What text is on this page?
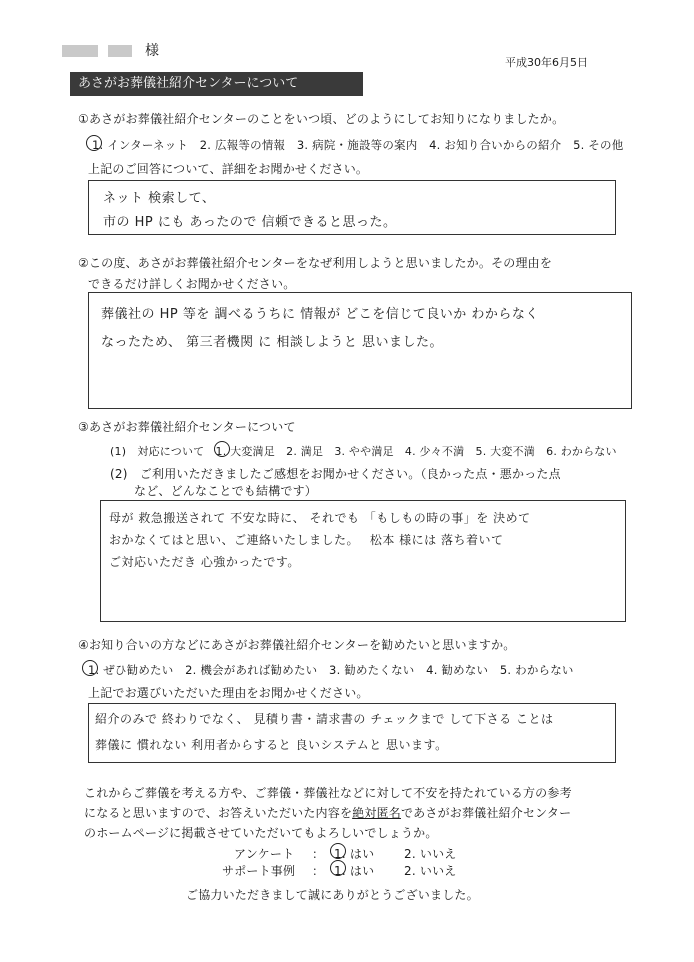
様
平成30年6月5日
あさがお葬儀社紹介センターについて
①あさがお葬儀社紹介センターのことをいつ頃、どのようにしてお知りになりましたか。
1. インターネット　2. 広報等の情報　3. 病院・施設等の案内　4. お知り合いからの紹介　5. その他
上記のご回答について、詳細をお聞かせください。
ネット 検索して、
市の HP にも あったので 信頼できると思った。
②この度、あさがお葬儀社紹介センターをなぜ利用しようと思いましたか。その理由を
できるだけ詳しくお聞かせください。
葬儀社の HP 等を 調べるうちに 情報が どこを信じて良いか わからなく
なったため、 第三者機関 に 相談しようと 思いました。
③あさがお葬儀社紹介センターについて
(1)　対応について　1. 大変満足　2. 満足　3. やや満足　4. 少々不満　5. 大変不満　6. わからない
(2)　ご利用いただきましたご感想をお聞かせください。（良かった点・悪かった点
など、どんなことでも結構です）
母が 救急搬送されて 不安な時に、 それでも 「もしもの時の事」を 決めて
おかなくてはと思い、ご連絡いたしました。　 松本 様には 落ち着いて
ご対応いただき 心強かったです。
④お知り合いの方などにあさがお葬儀社紹介センターを勧めたいと思いますか。
1. ぜひ勧めたい　2. 機会があれば勧めたい　3. 勧めたくない　4. 勧めない　5. わからない
上記でお選びいただいた理由をお聞かせください。
紹介のみで 終わりでなく、 見積り書・請求書の チェックまで して下さる ことは
葬儀に 慣れない 利用者からすると 良いシステムと 思います。
これからご葬儀を考える方や、ご葬儀・葬儀社などに対して不安を持たれている方の参考
になると思いますので、お答えいただいた内容を絶対匿名であさがお葬儀社紹介センター
のホームページに掲載させていただいてもよろしいでしょうか。
アンケート ： 1. はい 2. いいえ
サポート事例 ： 1. はい 2. いいえ
ご協力いただきまして誠にありがとうございました。
